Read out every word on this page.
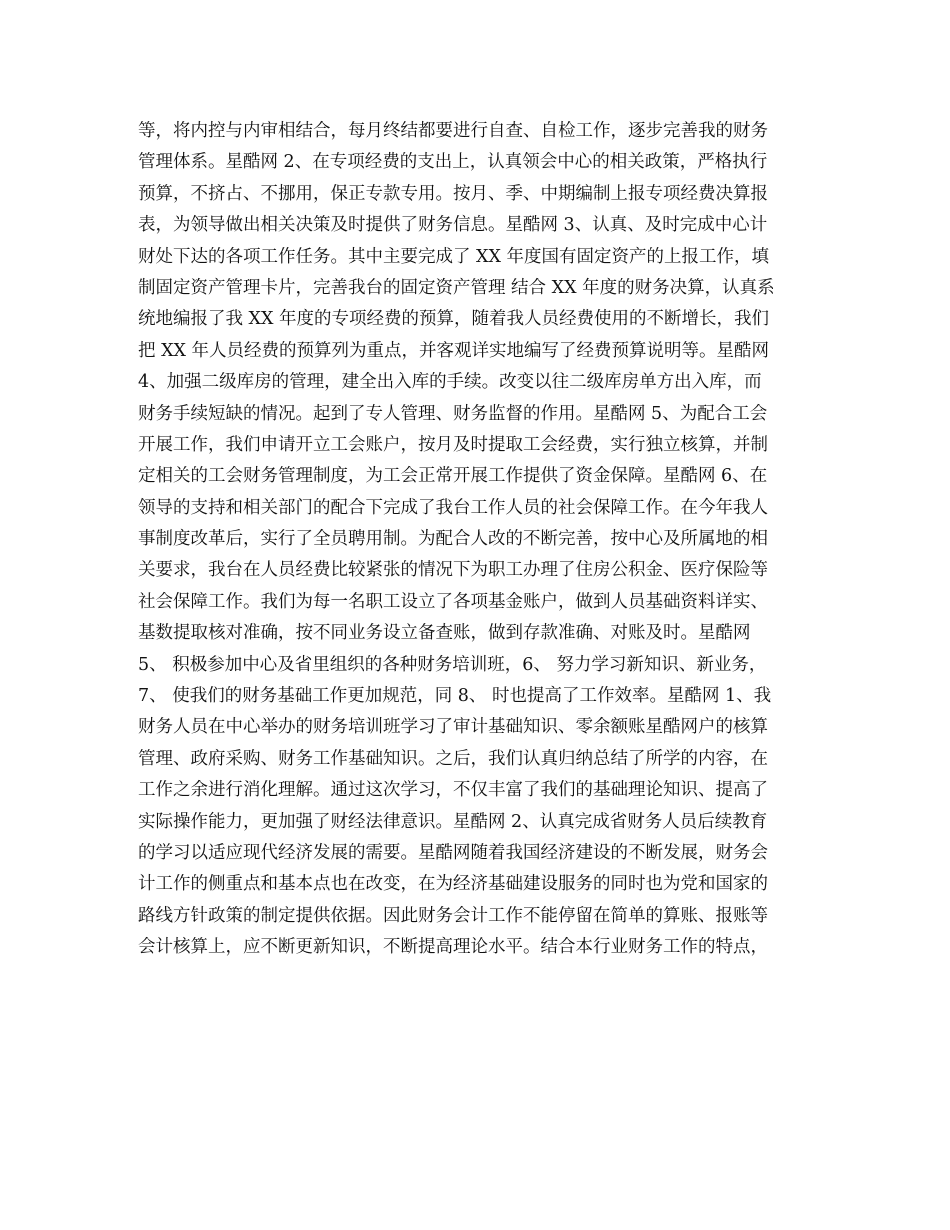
等，将内控与内审相结合，每月终结都要进行自查、自检工作，逐步完善我的财务
管理体系。星酷网 2、在专项经费的支出上，认真领会中心的相关政策，严格执行
预算，不挤占、不挪用，保正专款专用。按月、季、中期编制上报专项经费决算报
表，为领导做出相关决策及时提供了财务信息。星酷网 3、认真、及时完成中心计
财处下达的各项工作任务。其中主要完成了 XX 年度国有固定资产的上报工作，填
制固定资产管理卡片，完善我台的固定资产管理 结合 XX 年度的财务决算，认真系
统地编报了我 XX 年度的专项经费的预算，随着我人员经费使用的不断增长，我们
把 XX 年人员经费的预算列为重点，并客观详实地编写了经费预算说明等。星酷网
4、加强二级库房的管理，建全出入库的手续。改变以往二级库房单方出入库，而
财务手续短缺的情况。起到了专人管理、财务监督的作用。星酷网 5、为配合工会
开展工作，我们申请开立工会账户，按月及时提取工会经费，实行独立核算，并制
定相关的工会财务管理制度，为工会正常开展工作提供了资金保障。星酷网 6、在
领导的支持和相关部门的配合下完成了我台工作人员的社会保障工作。在今年我人
事制度改革后，实行了全员聘用制。为配合人改的不断完善，按中心及所属地的相
关要求，我台在人员经费比较紧张的情况下为职工办理了住房公积金、医疗保险等
社会保障工作。我们为每一名职工设立了各项基金账户，做到人员基础资料详实、
基数提取核对准确，按不同业务设立备查账，做到存款准确、对账及时。星酷网
5、 积极参加中心及省里组织的各种财务培训班，6、 努力学习新知识、新业务，
7、 使我们的财务基础工作更加规范，同 8、 时也提高了工作效率。星酷网 1、我
财务人员在中心举办的财务培训班学习了审计基础知识、零余额账星酷网户的核算
管理、政府采购、财务工作基础知识。之后，我们认真归纳总结了所学的内容，在
工作之余进行消化理解。通过这次学习，不仅丰富了我们的基础理论知识、提高了
实际操作能力，更加强了财经法律意识。星酷网 2、认真完成省财务人员后续教育
的学习以适应现代经济发展的需要。星酷网随着我国经济建设的不断发展，财务会
计工作的侧重点和基本点也在改变，在为经济基础建设服务的同时也为党和国家的
路线方针政策的制定提供依据。因此财务会计工作不能停留在简单的算账、报账等
会计核算上，应不断更新知识，不断提高理论水平。结合本行业财务工作的特点，
